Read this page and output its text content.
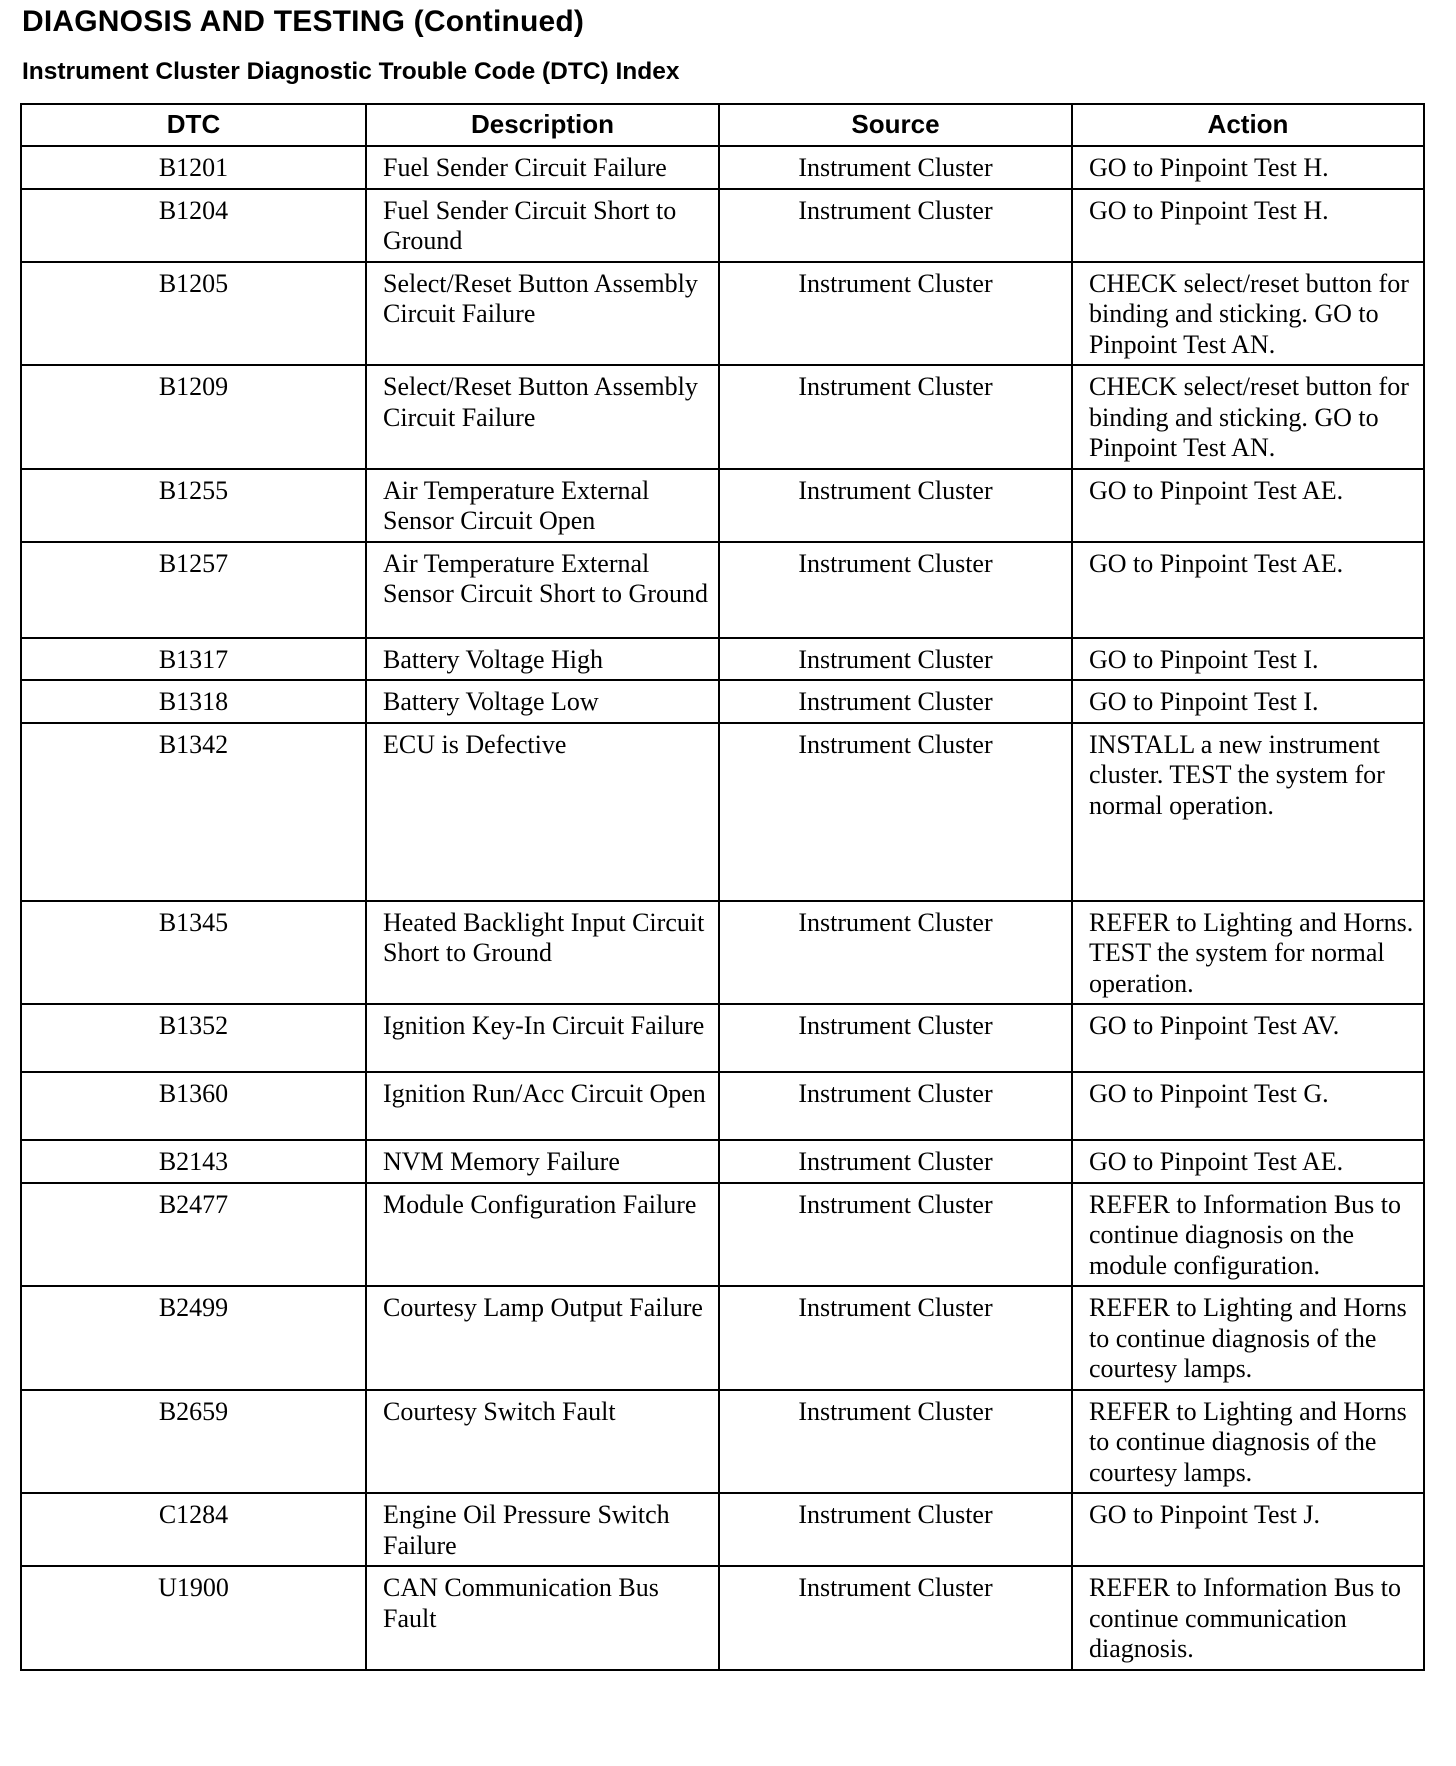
DIAGNOSIS AND TESTING (Continued)
Instrument Cluster Diagnostic Trouble Code (DTC) Index
DTC	Description	Source	Action
B1201	Fuel Sender Circuit Failure	Instrument Cluster	GO to Pinpoint Test H.
B1204	Fuel Sender Circuit Short to Ground	Instrument Cluster	GO to Pinpoint Test H.
B1205	Select/Reset Button Assembly Circuit Failure	Instrument Cluster	CHECK select/reset button for binding and sticking. GO to Pinpoint Test AN.
B1209	Select/Reset Button Assembly Circuit Failure	Instrument Cluster	CHECK select/reset button for binding and sticking. GO to Pinpoint Test AN.
B1255	Air Temperature External Sensor Circuit Open	Instrument Cluster	GO to Pinpoint Test AE.
B1257	Air Temperature External Sensor Circuit Short to Ground	Instrument Cluster	GO to Pinpoint Test AE.
B1317	Battery Voltage High	Instrument Cluster	GO to Pinpoint Test I.
B1318	Battery Voltage Low	Instrument Cluster	GO to Pinpoint Test I.
B1342	ECU is Defective	Instrument Cluster	INSTALL a new instrument cluster. TEST the system for normal operation.
B1345	Heated Backlight Input Circuit Short to Ground	Instrument Cluster	REFER to Lighting and Horns. TEST the system for normal operation.
B1352	Ignition Key-In Circuit Failure	Instrument Cluster	GO to Pinpoint Test AV.
B1360	Ignition Run/Acc Circuit Open	Instrument Cluster	GO to Pinpoint Test G.
B2143	NVM Memory Failure	Instrument Cluster	GO to Pinpoint Test AE.
B2477	Module Configuration Failure	Instrument Cluster	REFER to Information Bus to continue diagnosis on the module configuration.
B2499	Courtesy Lamp Output Failure	Instrument Cluster	REFER to Lighting and Horns to continue diagnosis of the courtesy lamps.
B2659	Courtesy Switch Fault	Instrument Cluster	REFER to Lighting and Horns to continue diagnosis of the courtesy lamps.
C1284	Engine Oil Pressure Switch Failure	Instrument Cluster	GO to Pinpoint Test J.
U1900	CAN Communication Bus Fault	Instrument Cluster	REFER to Information Bus to continue communication diagnosis.
